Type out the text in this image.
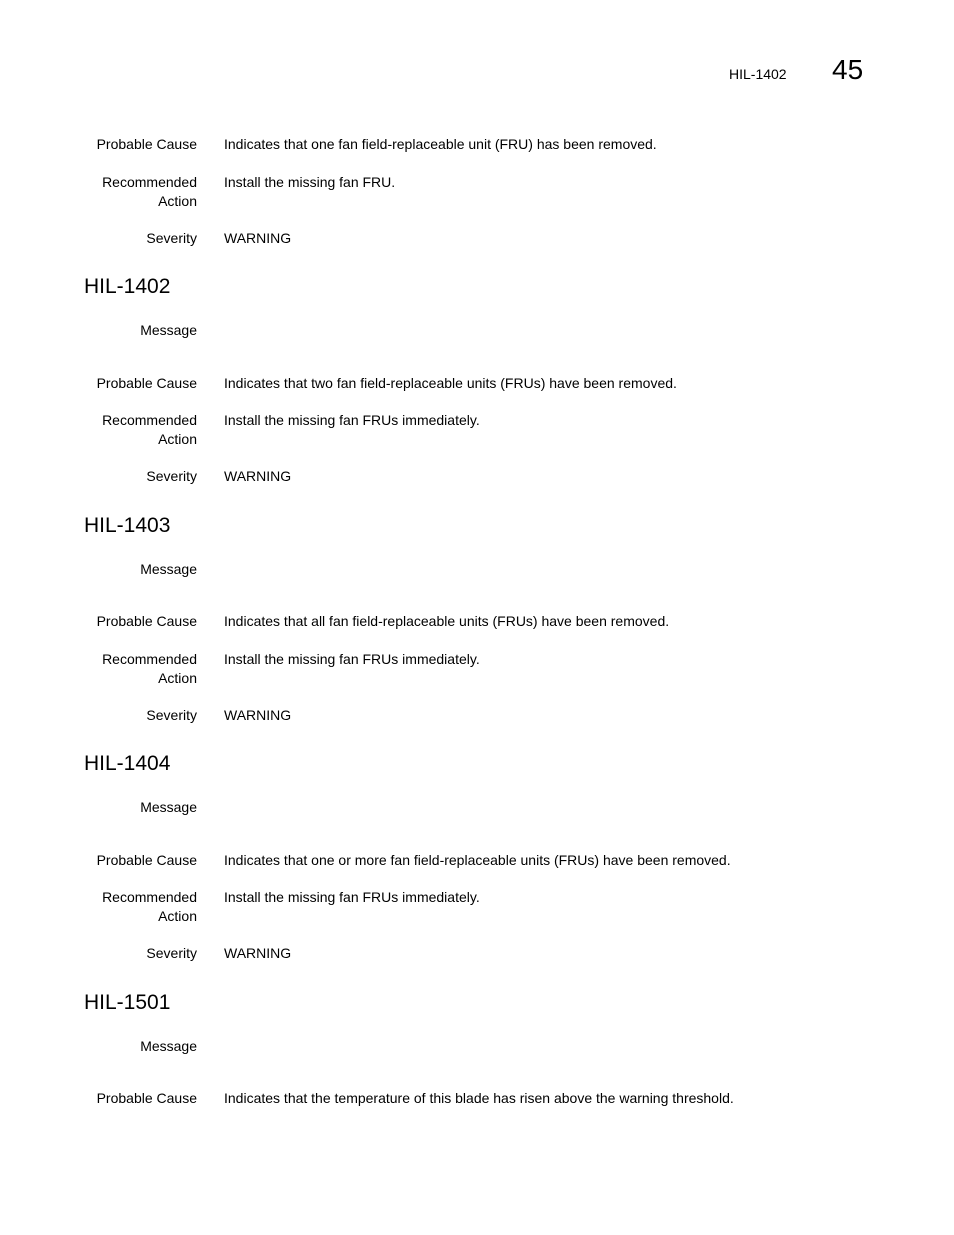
HIL-1402 45
Probable Cause Indicates that one fan field-replaceable unit (FRU) has been removed.
Recommended
Action
Install the missing fan FRU.
Severity WARNING
HIL-1402
Message
Probable Cause Indicates that two fan field-replaceable units (FRUs) have been removed.
Recommended
Action
Install the missing fan FRUs immediately.
Severity WARNING
HIL-1403
Message
Probable Cause Indicates that all fan field-replaceable units (FRUs) have been removed.
Recommended
Action
Install the missing fan FRUs immediately.
Severity WARNING
HIL-1404
Message
Probable Cause Indicates that one or more fan field-replaceable units (FRUs) have been removed.
Recommended
Action
Install the missing fan FRUs immediately.
Severity WARNING
HIL-1501
Message
Probable Cause Indicates that the temperature of this blade has risen above the warning threshold.
